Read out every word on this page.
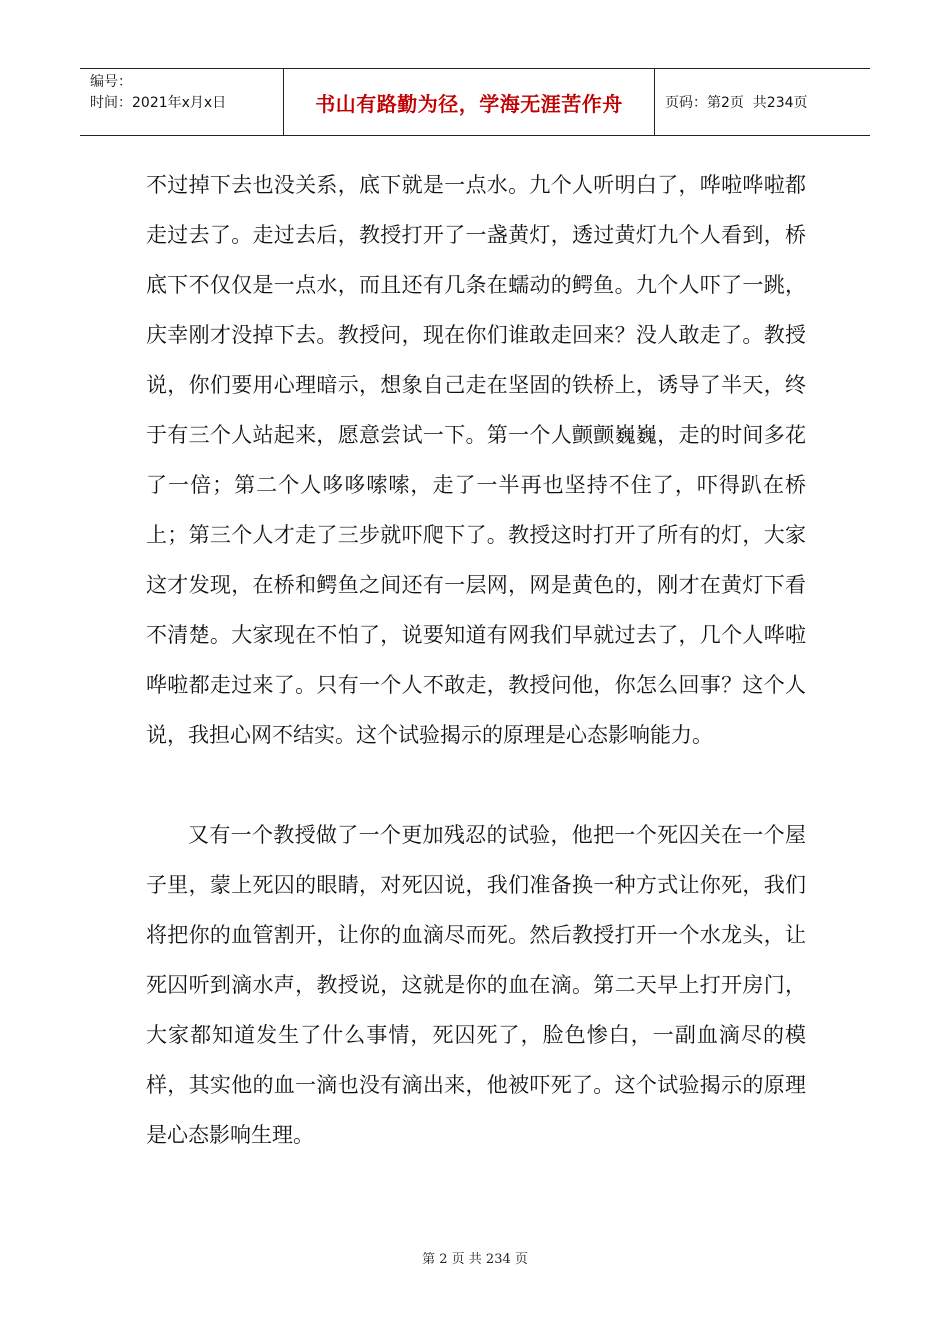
编号：
时间：2021年x月x日	书山有路勤为径，学海无涯苦作舟	页码：第2页  共234页

不过掉下去也没关系，底下就是一点水。九个人听明白了，哗啦哗啦都走过去了。走过去后，教授打开了一盏黄灯，透过黄灯九个人看到，桥底下不仅仅是一点水，而且还有几条在蠕动的鳄鱼。九个人吓了一跳，庆幸刚才没掉下去。教授问，现在你们谁敢走回来？没人敢走了。教授说，你们要用心理暗示，想象自己走在坚固的铁桥上，诱导了半天，终于有三个人站起来，愿意尝试一下。第一个人颤颤巍巍，走的时间多花了一倍；第二个人哆哆嗦嗦，走了一半再也坚持不住了，吓得趴在桥上；第三个人才走了三步就吓爬下了。教授这时打开了所有的灯，大家这才发现，在桥和鳄鱼之间还有一层网，网是黄色的，刚才在黄灯下看不清楚。大家现在不怕了，说要知道有网我们早就过去了，几个人哗啦哗啦都走过来了。只有一个人不敢走，教授问他，你怎么回事？这个人说，我担心网不结实。这个试验揭示的原理是心态影响能力。

又有一个教授做了一个更加残忍的试验，他把一个死囚关在一个屋子里，蒙上死囚的眼睛，对死囚说，我们准备换一种方式让你死，我们将把你的血管割开，让你的血滴尽而死。然后教授打开一个水龙头，让死囚听到滴水声，教授说，这就是你的血在滴。第二天早上打开房门，大家都知道发生了什么事情，死囚死了，脸色惨白，一副血滴尽的模样，其实他的血一滴也没有滴出来，他被吓死了。这个试验揭示的原理是心态影响生理。

第 2 页 共 234 页
